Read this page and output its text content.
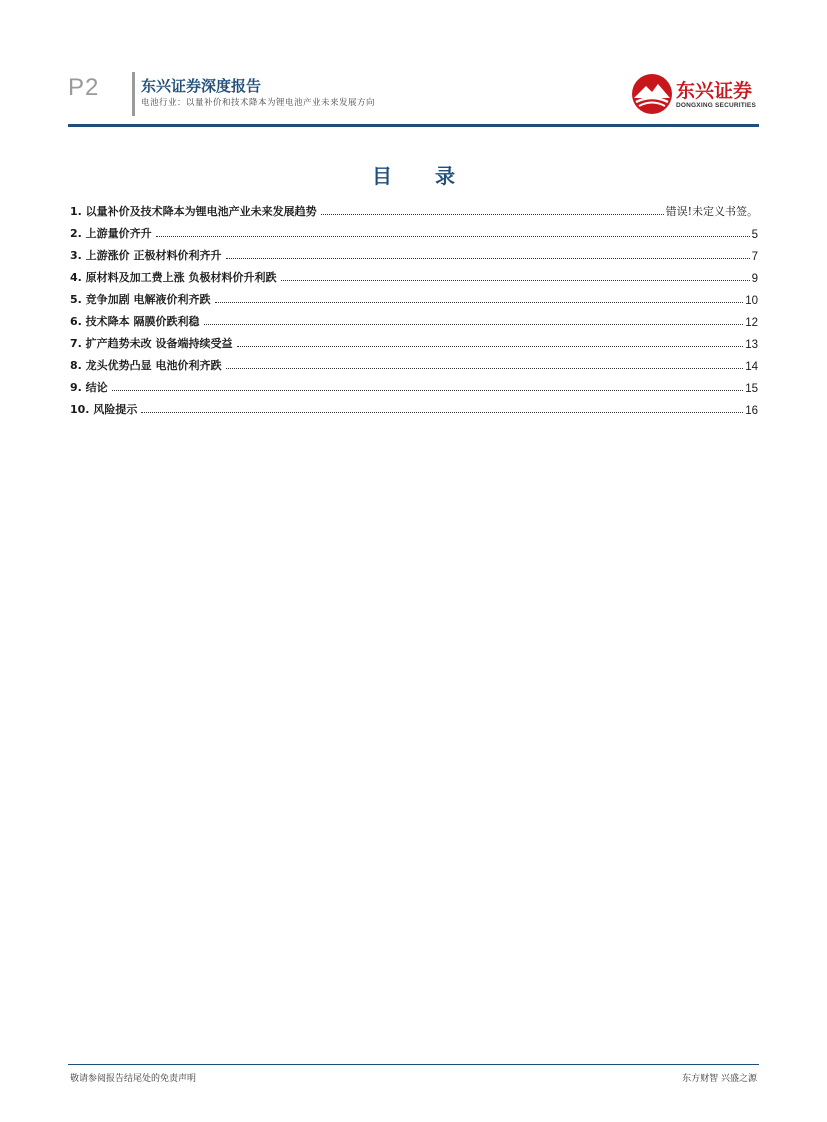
P2	东兴证券深度报告
电池行业：以量补价和技术降本为锂电池产业未来发展方向
东兴证券
DONGXING SECURITIES
目 录
1. 以量补价及技术降本为锂电池产业未来发展趋势	错误!未定义书签。
2. 上游量价齐升	5
3. 上游涨价 正极材料价利齐升	7
4. 原材料及加工费上涨 负极材料价升利跌	9
5. 竞争加剧 电解液价利齐跌	10
6. 技术降本 隔膜价跌利稳	12
7. 扩产趋势未改 设备端持续受益	13
8. 龙头优势凸显 电池价利齐跌	14
9. 结论	15
10. 风险提示	16
敬请参阅报告结尾处的免责声明	东方财智 兴盛之源
